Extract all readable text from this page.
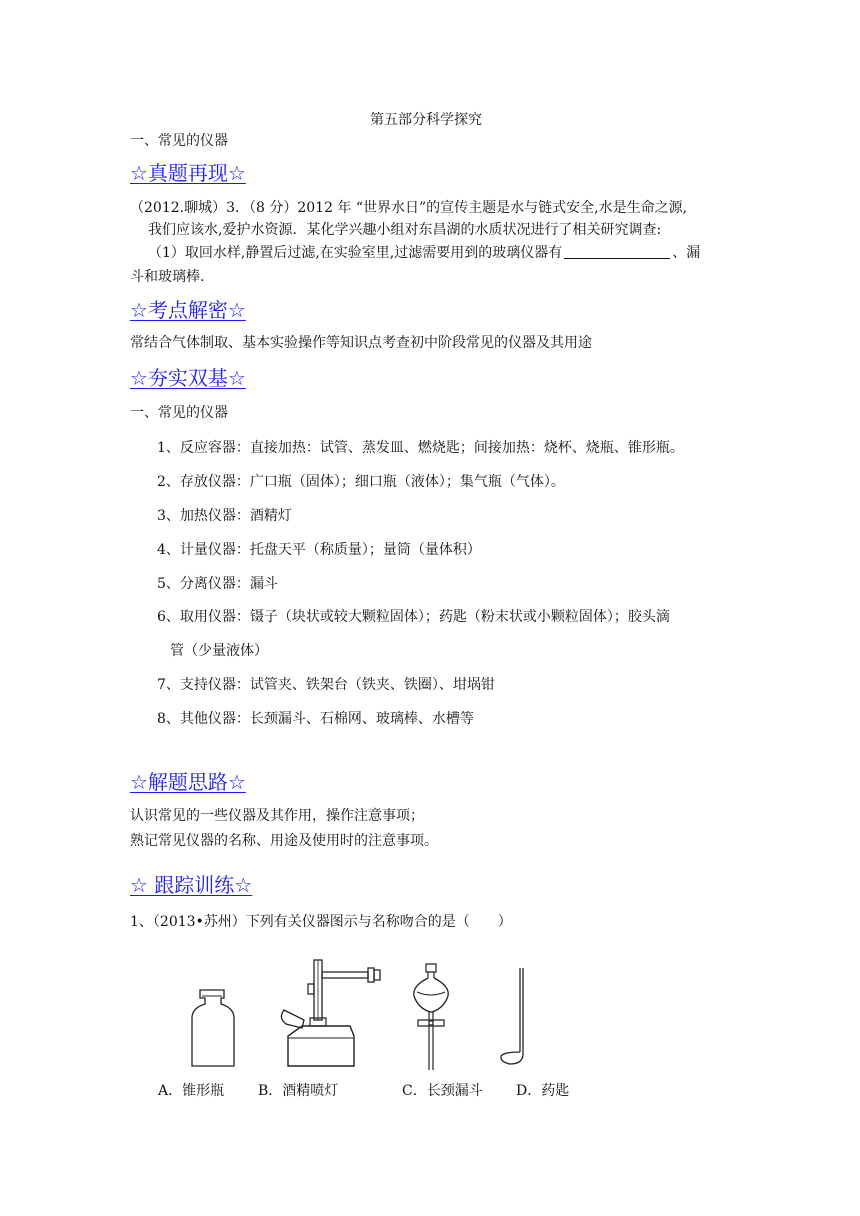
第五部分科学探究
一、常见的仪器
☆真题再现☆
（2012.聊城）3．（8 分）2012 年 “世界水日”的宣传主题是水与链式安全,水是生命之源,
我们应该水,爱护水资源．某化学兴趣小组对东昌湖的水质状况进行了相关研究调查:
（1）取回水样,静置后过滤,在实验室里,过滤需要用到的玻璃仪器有	、漏
斗和玻璃棒.
☆考点解密☆
常结合气体制取、基本实验操作等知识点考查初中阶段常见的仪器及其用途
☆夯实双基☆
一、常见的仪器
1、反应容器：直接加热：试管、蒸发皿、燃烧匙；间接加热：烧杯、烧瓶、锥形瓶。
2、存放仪器：广口瓶（固体）；细口瓶（液体）；集气瓶（气体）。
3、加热仪器：酒精灯
4、计量仪器：托盘天平（称质量）；量筒（量体积）
5、分离仪器：漏斗
6、取用仪器：镊子（块状或较大颗粒固体）；药匙（粉末状或小颗粒固体）；胶头滴
管（少量液体）
7、支持仪器：试管夹、铁架台（铁夹、铁圈）、坩埚钳
8、其他仪器：长颈漏斗、石棉网、玻璃棒、水槽等
☆解题思路☆
认识常见的一些仪器及其作用，操作注意事项；
熟记常见仪器的名称、用途及使用时的注意事项。
☆ 跟踪训练☆
1、（2013•苏州）下列有关仪器图示与名称吻合的是（　　）
A．锥形瓶 B．酒精喷灯	C．长颈漏斗 D．药匙
